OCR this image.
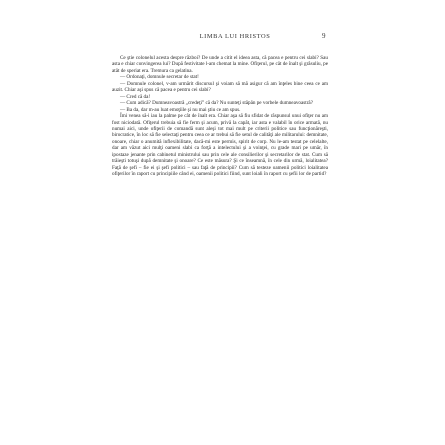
LIMBA LUI HRISTOS	9

Ce ştie colonelul acesta despre război? De unde a citit el ideea asta, că pacea e pentru cei slabi? Sau asta e chiar convingerea lui? După festivitate l-am chemat la mine. Ofiţerul, pe cât de înalt şi grăsuliu, pe atât de speriat era. Tremura ca gelatina.

— Ordonaţi, domnule secretar de stat!

— Domnule colonel, v-am urmărit discursul şi voiam să mă asigur că am înţeles bine ceea ce am auzit. Chiar aşi spus că pacea e pentru cei slabi?

— Cred că da!

— Cum adică? Dumneavoastră „credeţi” că da? Nu sunteţi stăpân pe vorbele dumneavoastră?

— Ba da, dar m-au luat emoţiile şi nu mai ştiu ce am spus.

Îmi venea să-i iau la palme pe cât de înalt era. Chiar aşa să fiu sfidat de răspunsul unui ofiţer nu am fost niciodată. Ofiţerul trebuia să fie ferm şi acum, privă la capăt, iar asta e valabil în orice armată, nu numai aici, unde ofiţerii de comandă sunt aleşi tot mai mult pe criterii politice sau funcţionăreşti, birocratice, în loc să fie selectaţi pentru ceea ce ar trebui să fie setul de calităţi ale militarului: demnitate, onoare, chiar o anumită inflexibilitate, dacă-mi este permis, spirit de corp. Nu le-am testat pe celelalte, dar am văzut aici mulţi oameni slabi ca forţă a intelectului şi a voinţei, cu grade mari pe umăr, în ipostaze jenante prin cabinetul ministrului sau prin cele ale consilierilor şi secretarilor de stat. Cum să trăieşti totuşi după demnitate şi onoare? Ce este măsura? Şi ce înseamnă, în cele din urmă, loialitatea? Faţă de şefi – fie ei şi şefi politici – sau faţă de principii? Cum să testeze oamenii politici loialitatea ofiţerilor în raport cu principiile când ei, oamenii politici fiind, sunt loiali în raport cu şefii lor de partid?
